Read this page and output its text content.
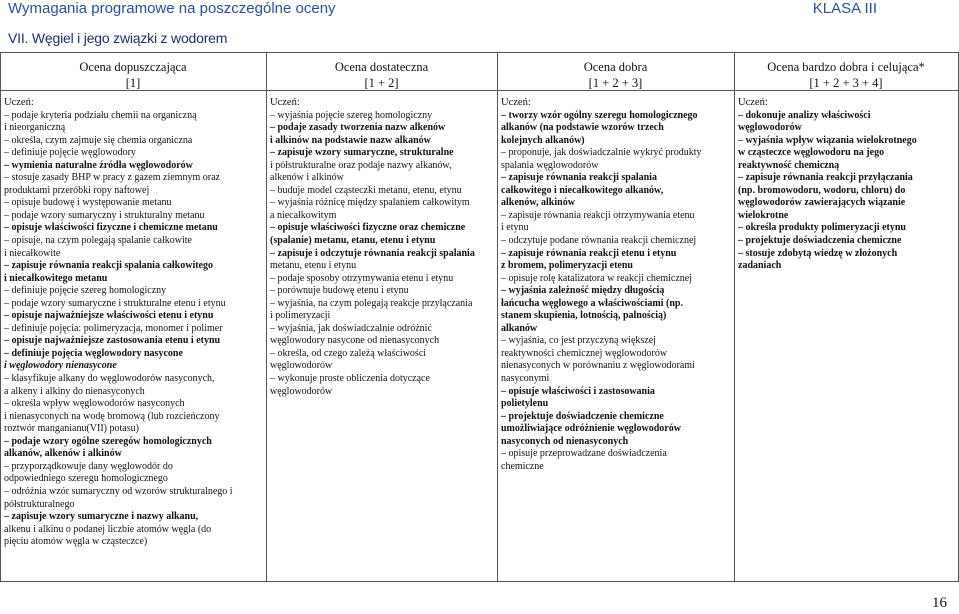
Wymagania programowe na poszczególne oceny	KLASA III
VII. Węgiel i jego związki z wodorem
Ocena dopuszczająca
[1]
Ocena dostateczna
[1 + 2]
Ocena dobra
[1 + 2 + 3]
Ocena bardzo dobra i celująca*
[1 + 2 + 3 + 4]

Uczeń:

– podaje kryteria podziału chemii na organiczną

i nieorganiczną

– określa, czym zajmuje się chemia organiczna

– definiuje pojęcie węglowodory

– wymienia naturalne źródła węglowodorów

– stosuje zasady BHP w pracy z gazem ziemnym oraz

produktami przeróbki ropy naftowej

– opisuje budowę i występowanie metanu

– podaje wzory sumaryczny i strukturalny metanu

– opisuje właściwości fizyczne i chemiczne metanu

– opisuje, na czym polegają spalanie całkowite

i niecałkowite

– zapisuje równania reakcji spalania całkowitego

i niecałkowitego metanu

– definiuje pojęcie szereg homologiczny

– podaje wzory sumaryczne i strukturalne etenu i etynu

– opisuje najważniejsze właściwości etenu i etynu

– definiuje pojęcia: polimeryzacja, monomer i polimer

– opisuje najważniejsze zastosowania etenu i etynu

– definiuje pojęcia węglowodory nasycone

i węglowodory nienasycone

– klasyfikuje alkany do węglowodorów nasyconych,

a alkeny i alkiny do nienasyconych

– określa wpływ węglowodorów nasyconych

i nienasyconych na wodę bromową (lub rozcieńczony

roztwór manganianu(VII) potasu)

– podaje wzory ogólne szeregów homologicznych

alkanów, alkenów i alkinów

– przyporządkowuje dany węglowodór do

odpowiedniego szeregu homologicznego

– odróżnia wzór sumaryczny od wzorów strukturalnego i

półstrukturalnego

– zapisuje wzory sumaryczne i nazwy alkanu,

alkenu i alkinu o podanej liczbie atomów węgla (do

pięciu atomów węgla w cząsteczce)

Uczeń:

– wyjaśnia pojęcie szereg homologiczny

– podaje zasady tworzenia nazw alkenów

i alkinów na podstawie nazw alkanów

– zapisuje wzory sumaryczne, strukturalne

i półstrukturalne oraz podaje nazwy alkanów,

alkenów i alkinów

– buduje model cząsteczki metanu, etenu, etynu

– wyjaśnia różnicę między spalaniem całkowitym

a niecałkowitym

– opisuje właściwości fizyczne oraz chemiczne

(spalanie) metanu, etanu, etenu i etynu

– zapisuje i odczytuje równania reakcji spalania

metanu, etenu i etynu

– podaje sposoby otrzymywania etenu i etynu

– porównuje budowę etenu i etynu

– wyjaśnia, na czym polegają reakcje przyłączania

i polimeryzacji

– wyjaśnia, jak doświadczalnie odróżnić

węglowodory nasycone od nienasyconych

– określa, od czego zależą właściwości

węglowodorów

– wykonuje proste obliczenia dotyczące

węglowodorów

Uczeń:

– tworzy wzór ogólny szeregu homologicznego

alkanów (na podstawie wzorów trzech

kolejnych alkanów)

– proponuje, jak doświadczalnie wykryć produkty

spalania węglowodorów

– zapisuje równania reakcji spalania

całkowitego i niecałkowitego alkanów,

alkenów, alkinów

– zapisuje równania reakcji otrzymywania etenu

i etynu

– odczytuje podane równania reakcji chemicznej

– zapisuje równania reakcji etenu i etynu

z bromem, polimeryzacji etenu

– opisuje rolę katalizatora w reakcji chemicznej

– wyjaśnia zależność między długością

łańcucha węglowego a właściwościami (np.

stanem skupienia, lotnością, palnością)

alkanów

– wyjaśnia, co jest przyczyną większej

reaktywności chemicznej węglowodorów

nienasyconych w porównaniu z węglowodorami

nasyconymi

– opisuje właściwości i zastosowania

polietylenu

– projektuje doświadczenie chemiczne

umożliwiające odróżnienie węglowodorów

nasyconych od nienasyconych

– opisuje przeprowadzane doświadczenia

chemiczne

Uczeń:

– dokonuje analizy właściwości

węglowodorów

– wyjaśnia wpływ wiązania wielokrotnego

w cząsteczce węglowodoru na jego

reaktywność chemiczną

– zapisuje równania reakcji przyłączania

(np. bromowodoru, wodoru, chloru) do

węglowodorów zawierających wiązanie

wielokrotne

– określa produkty polimeryzacji etynu

– projektuje doświadczenia chemiczne

– stosuje zdobytą wiedzę w złożonych

zadaniach

16
